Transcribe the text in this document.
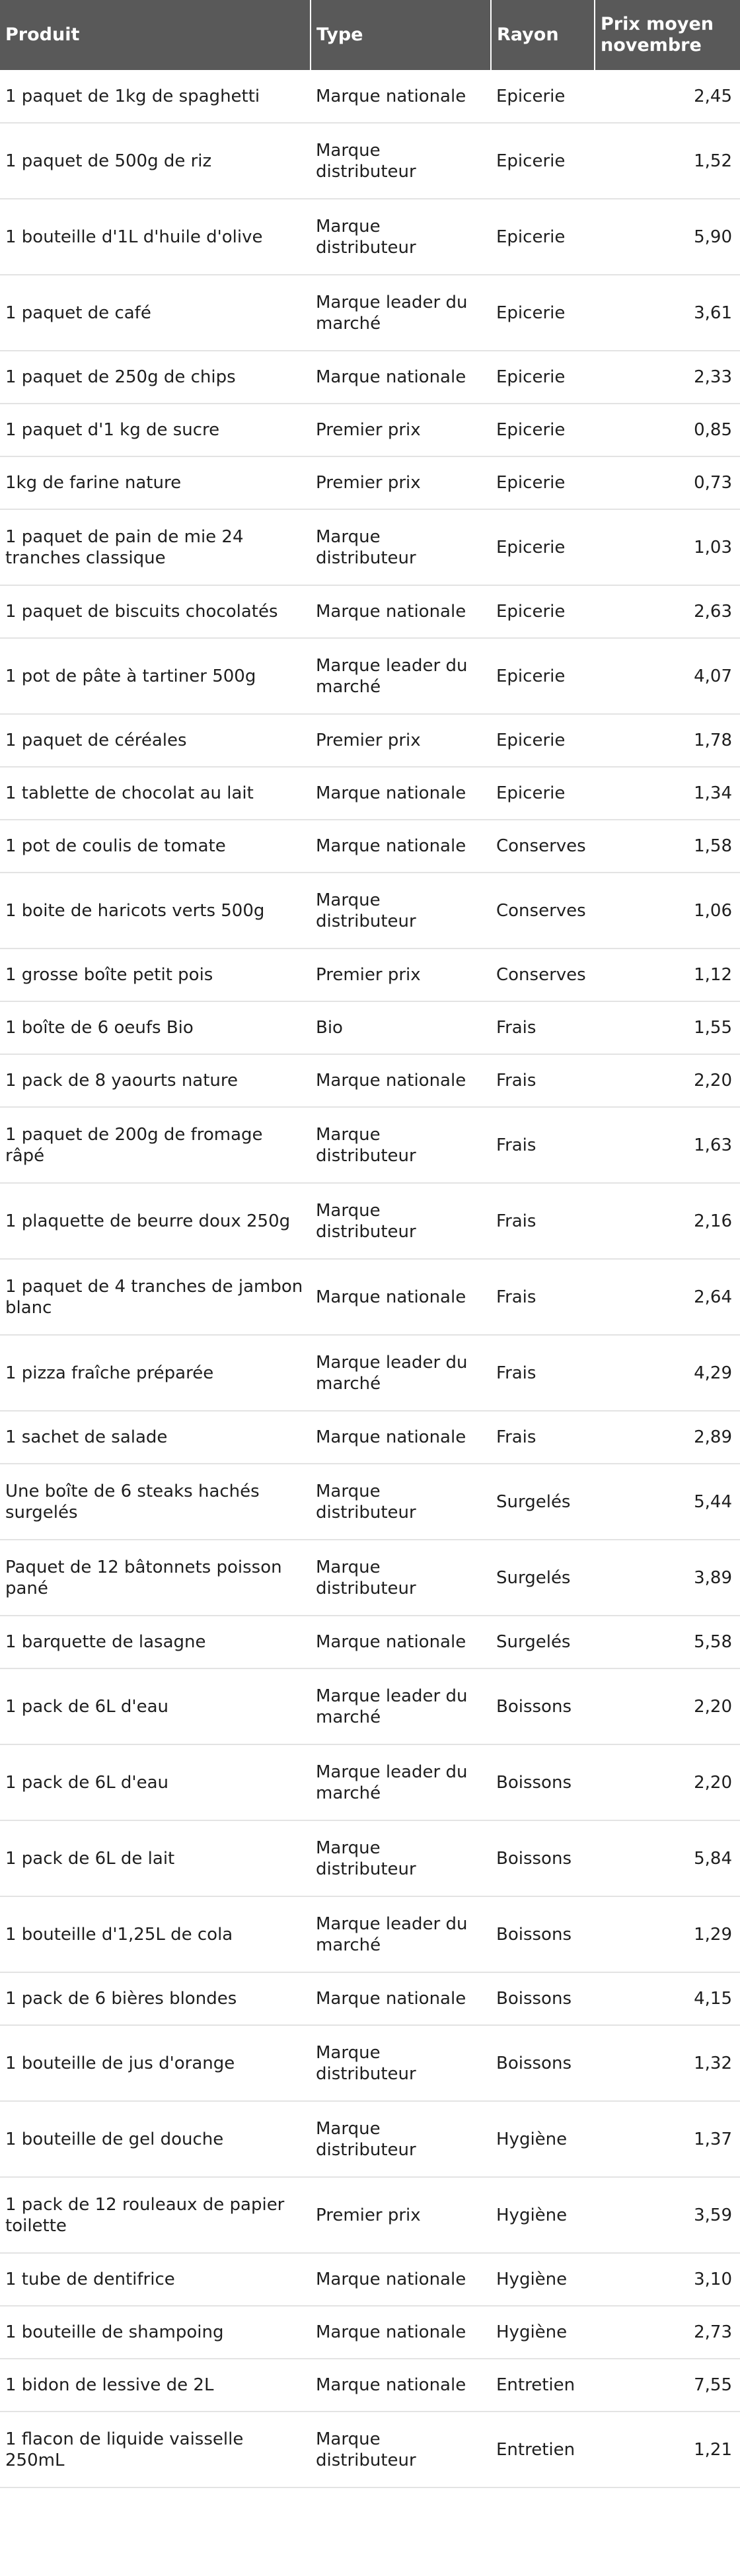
Produit	Type	Rayon	Prix moyen novembre
1 paquet de 1kg de spaghetti	Marque nationale	Epicerie	2,45
1 paquet de 500g de riz	Marque distributeur	Epicerie	1,52
1 bouteille d'1L d'huile d'olive	Marque distributeur	Epicerie	5,90
1 paquet de café	Marque leader du marché	Epicerie	3,61
1 paquet de 250g de chips	Marque nationale	Epicerie	2,33
1 paquet d'1 kg de sucre	Premier prix	Epicerie	0,85
1kg de farine nature	Premier prix	Epicerie	0,73
1 paquet de pain de mie 24 tranches classique	Marque distributeur	Epicerie	1,03
1 paquet de biscuits chocolatés	Marque nationale	Epicerie	2,63
1 pot de pâte à tartiner 500g	Marque leader du marché	Epicerie	4,07
1 paquet de céréales	Premier prix	Epicerie	1,78
1 tablette de chocolat au lait	Marque nationale	Epicerie	1,34
1 pot de coulis de tomate	Marque nationale	Conserves	1,58
1 boite de haricots verts 500g	Marque distributeur	Conserves	1,06
1 grosse boîte petit pois	Premier prix	Conserves	1,12
1 boîte de 6 oeufs Bio	Bio	Frais	1,55
1 pack de 8 yaourts nature	Marque nationale	Frais	2,20
1 paquet de 200g de fromage râpé	Marque distributeur	Frais	1,63
1 plaquette de beurre doux 250g	Marque distributeur	Frais	2,16
1 paquet de 4 tranches de jambon blanc	Marque nationale	Frais	2,64
1 pizza fraîche préparée	Marque leader du marché	Frais	4,29
1 sachet de salade	Marque nationale	Frais	2,89
Une boîte de 6 steaks hachés surgelés	Marque distributeur	Surgelés	5,44
Paquet de 12 bâtonnets poisson pané	Marque distributeur	Surgelés	3,89
1 barquette de lasagne	Marque nationale	Surgelés	5,58
1 pack de 6L d'eau	Marque leader du marché	Boissons	2,20
1 pack de 6L d'eau	Marque leader du marché	Boissons	2,20
1 pack de 6L de lait	Marque distributeur	Boissons	5,84
1 bouteille d'1,25L de cola	Marque leader du marché	Boissons	1,29
1 pack de 6 bières blondes	Marque nationale	Boissons	4,15
1 bouteille de jus d'orange	Marque distributeur	Boissons	1,32
1 bouteille de gel douche	Marque distributeur	Hygiène	1,37
1 pack de 12 rouleaux de papier toilette	Premier prix	Hygiène	3,59
1 tube de dentifrice	Marque nationale	Hygiène	3,10
1 bouteille de shampoing	Marque nationale	Hygiène	2,73
1 bidon de lessive de 2L	Marque nationale	Entretien	7,55
1 flacon de liquide vaisselle 250mL	Marque distributeur	Entretien	1,21
